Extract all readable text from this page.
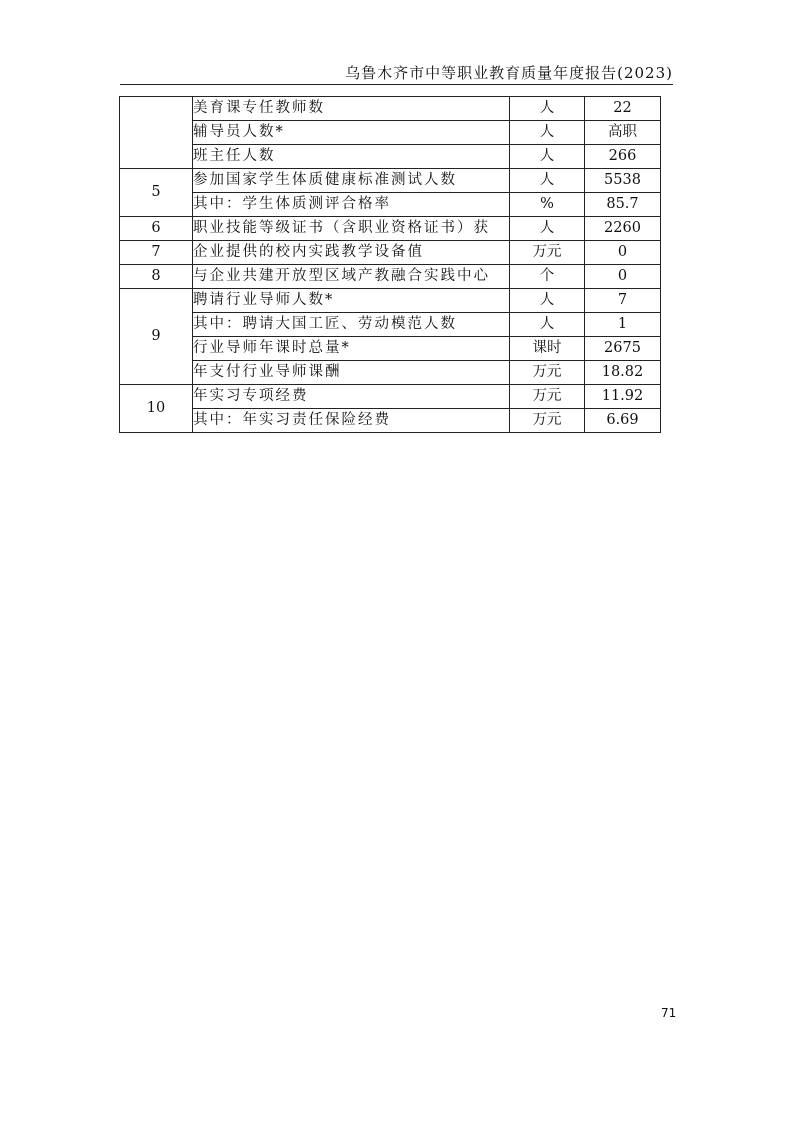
乌鲁木齐市中等职业教育质量年度报告(2023)
	美育课专任教师数	人	22
	辅导员人数*	人	高职
	班主任人数	人	266
5	参加国家学生体质健康标准测试人数	人	5538
	其中：学生体质测评合格率	%	85.7
6	职业技能等级证书（含职业资格证书）获	人	2260
7	企业提供的校内实践教学设备值	万元	0
8	与企业共建开放型区域产教融合实践中心	个	0
9	聘请行业导师人数*	人	7
	其中：聘请大国工匠、劳动模范人数	人	1
	行业导师年课时总量*	课时	2675
	年支付行业导师课酬	万元	18.82
10	年实习专项经费	万元	11.92
	其中：年实习责任保险经费	万元	6.69
71
